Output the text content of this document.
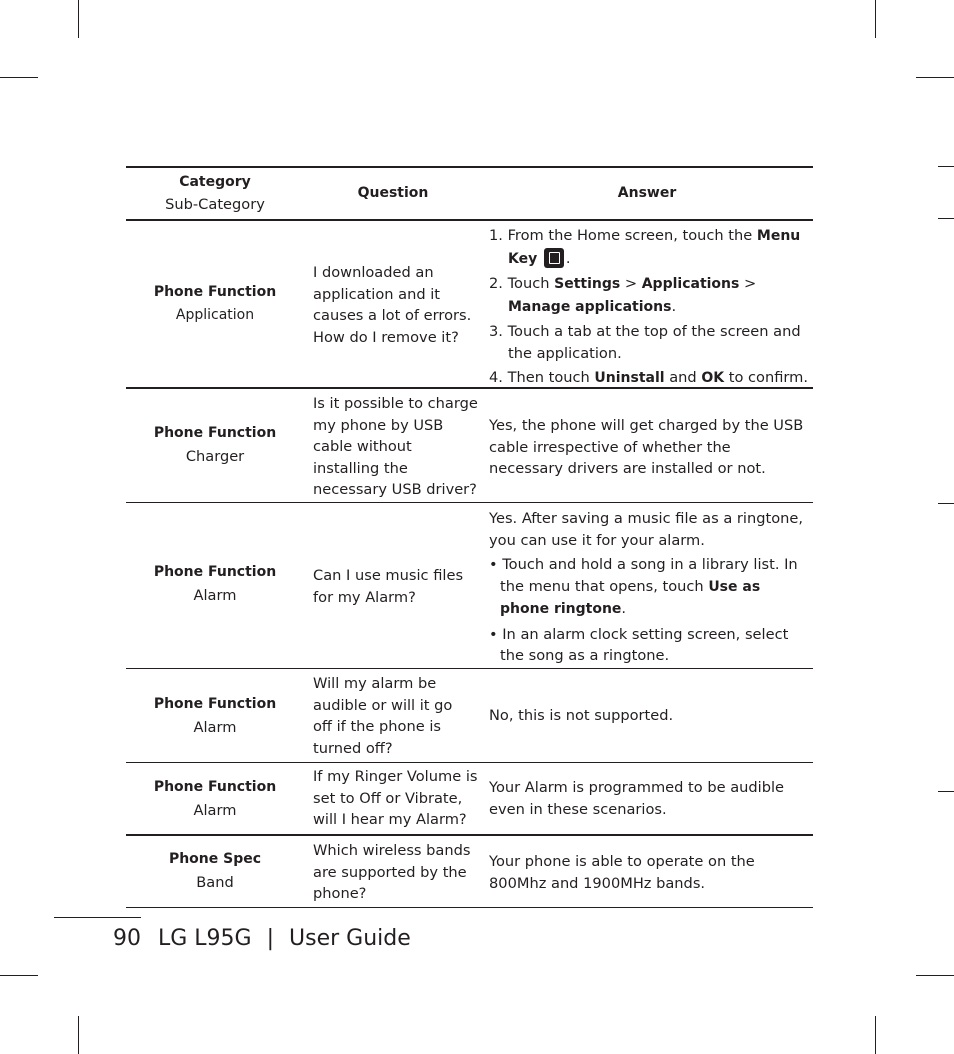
Category
Sub-Category
Question	Answer
Phone Function
Application
I downloaded an application and it causes a lot of errors. How do I remove it?
1. From the Home screen, touch the Menu Key .
2. Touch Settings > Applications > Manage applications.
3. Touch a tab at the top of the screen and the application.
4. Then touch Uninstall and OK to confirm.
Phone Function
Charger
Is it possible to charge my phone by USB cable without installing the necessary USB driver?
Yes, the phone will get charged by the USB cable irrespective of whether the necessary drivers are installed or not.
Phone Function
Alarm
Can I use music files for my Alarm?
Yes. After saving a music file as a ringtone, you can use it for your alarm.
• Touch and hold a song in a library list. In the menu that opens, touch Use as phone ringtone.
• In an alarm clock setting screen, select the song as a ringtone.
Phone Function
Alarm
Will my alarm be audible or will it go off if the phone is turned off?
No, this is not supported.
Phone Function
Alarm
If my Ringer Volume is set to Off or Vibrate, will I hear my Alarm?
Your Alarm is programmed to be audible even in these scenarios.
Phone Spec
Band
Which wireless bands are supported by the phone?
Your phone is able to operate on the 800Mhz and 1900MHz bands.
90 LG L95G | User Guide
